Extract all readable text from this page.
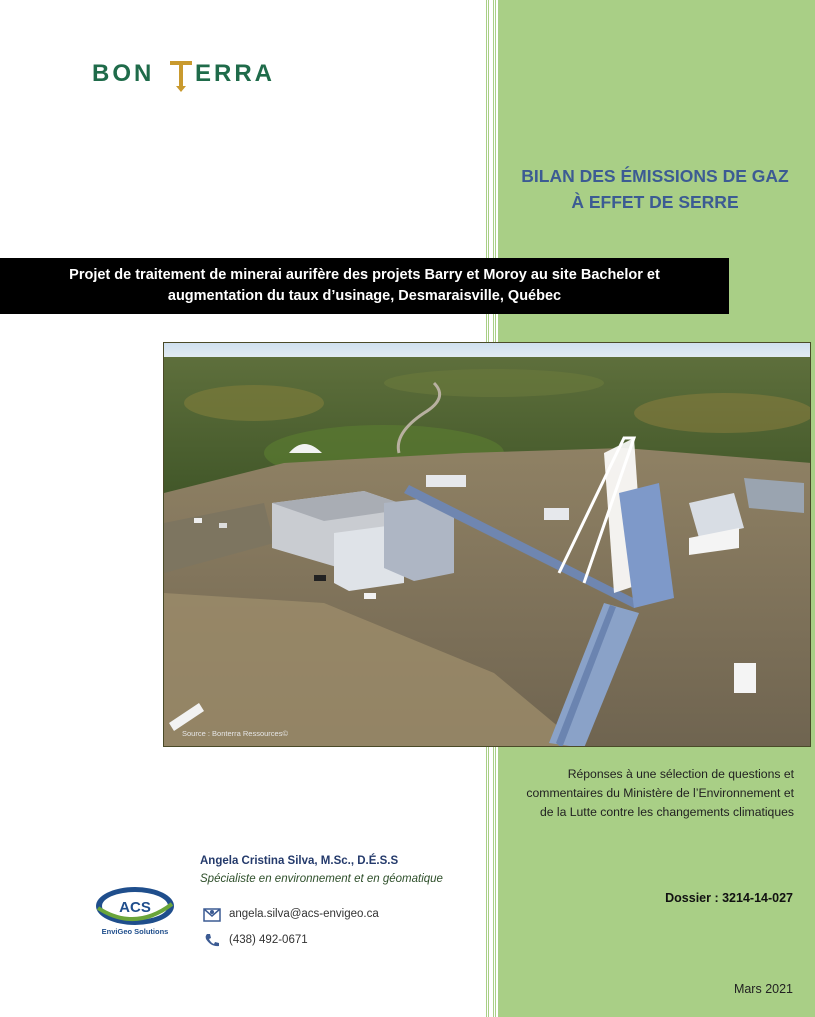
BON ERRA
BILAN DES ÉMISSIONS DE GAZ
À EFFET DE SERRE
Projet de traitement de minerai aurifère des projets Barry et Moroy au site Bachelor et
augmentation du taux d’usinage, Desmaraisville, Québec
Source : Bonterra Ressources©
Réponses à une sélection de questions et
commentaires du Ministère de l’Environnement et
de la Lutte contre les changements climatiques
Dossier : 3214-14-027
Mars 2021
Angela Cristina Silva, M.Sc., D.É.S.S
Spécialiste en environnement et en géomatique
angela.silva@acs-envigeo.ca
(438) 492-0671
ACS
EnviGeo Solutions
